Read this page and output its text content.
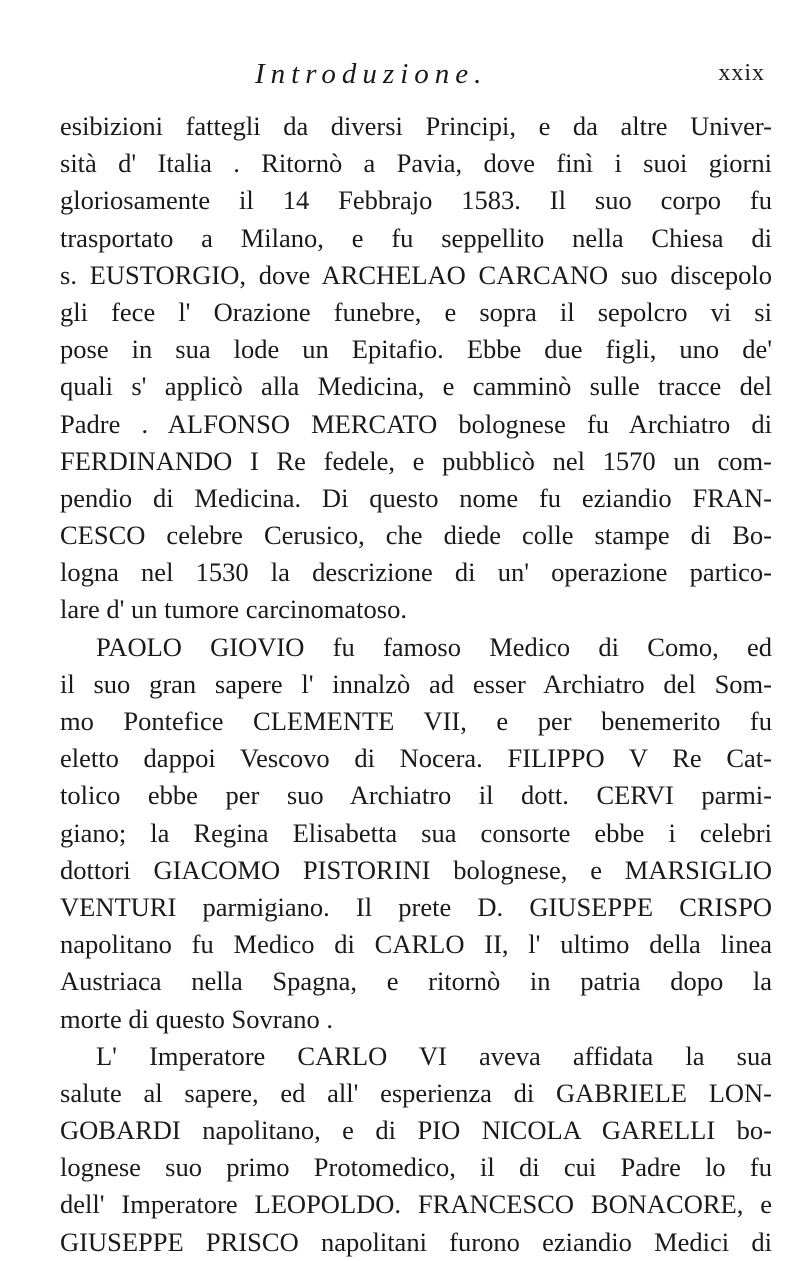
Introduzione.	xxix
esibizioni fattegli da diversi Principi, e da altre Univer-
sità d' Italia . Ritornò a Pavia, dove finì i suoi giorni
gloriosamente il 14 Febbrajo 1583. Il suo corpo fu
trasportato a Milano, e fu seppellito nella Chiesa di
s. EUSTORGIO, dove ARCHELAO CARCANO suo discepolo
gli fece l' Orazione funebre, e sopra il sepolcro vi si
pose in sua lode un Epitafio. Ebbe due figli, uno de'
quali s' applicò alla Medicina, e camminò sulle tracce del
Padre . ALFONSO MERCATO bolognese fu Archiatro di
FERDINANDO I Re fedele, e pubblicò nel 1570 un com-
pendio di Medicina. Di questo nome fu eziandio FRAN-
CESCO celebre Cerusico, che diede colle stampe di Bo-
logna nel 1530 la descrizione di un' operazione partico-
lare d' un tumore carcinomatoso.
PAOLO GIOVIO fu famoso Medico di Como, ed
il suo gran sapere l' innalzò ad esser Archiatro del Som-
mo Pontefice CLEMENTE VII, e per benemerito fu
eletto dappoi Vescovo di Nocera. FILIPPO V Re Cat-
tolico ebbe per suo Archiatro il dott. CERVI parmi-
giano; la Regina Elisabetta sua consorte ebbe i celebri
dottori GIACOMO PISTORINI bolognese, e MARSIGLIO
VENTURI parmigiano. Il prete D. GIUSEPPE CRISPO
napolitano fu Medico di CARLO II, l' ultimo della linea
Austriaca nella Spagna, e ritornò in patria dopo la
morte di questo Sovrano .
L' Imperatore CARLO VI aveva affidata la sua
salute al sapere, ed all' esperienza di GABRIELE LON-
GOBARDI napolitano, e di PIO NICOLA GARELLI bo-
lognese suo primo Protomedico, il di cui Padre lo fu
dell' Imperatore LEOPOLDO. FRANCESCO BONACORE, e
GIUSEPPE PRISCO napolitani furono eziandio Medici di
